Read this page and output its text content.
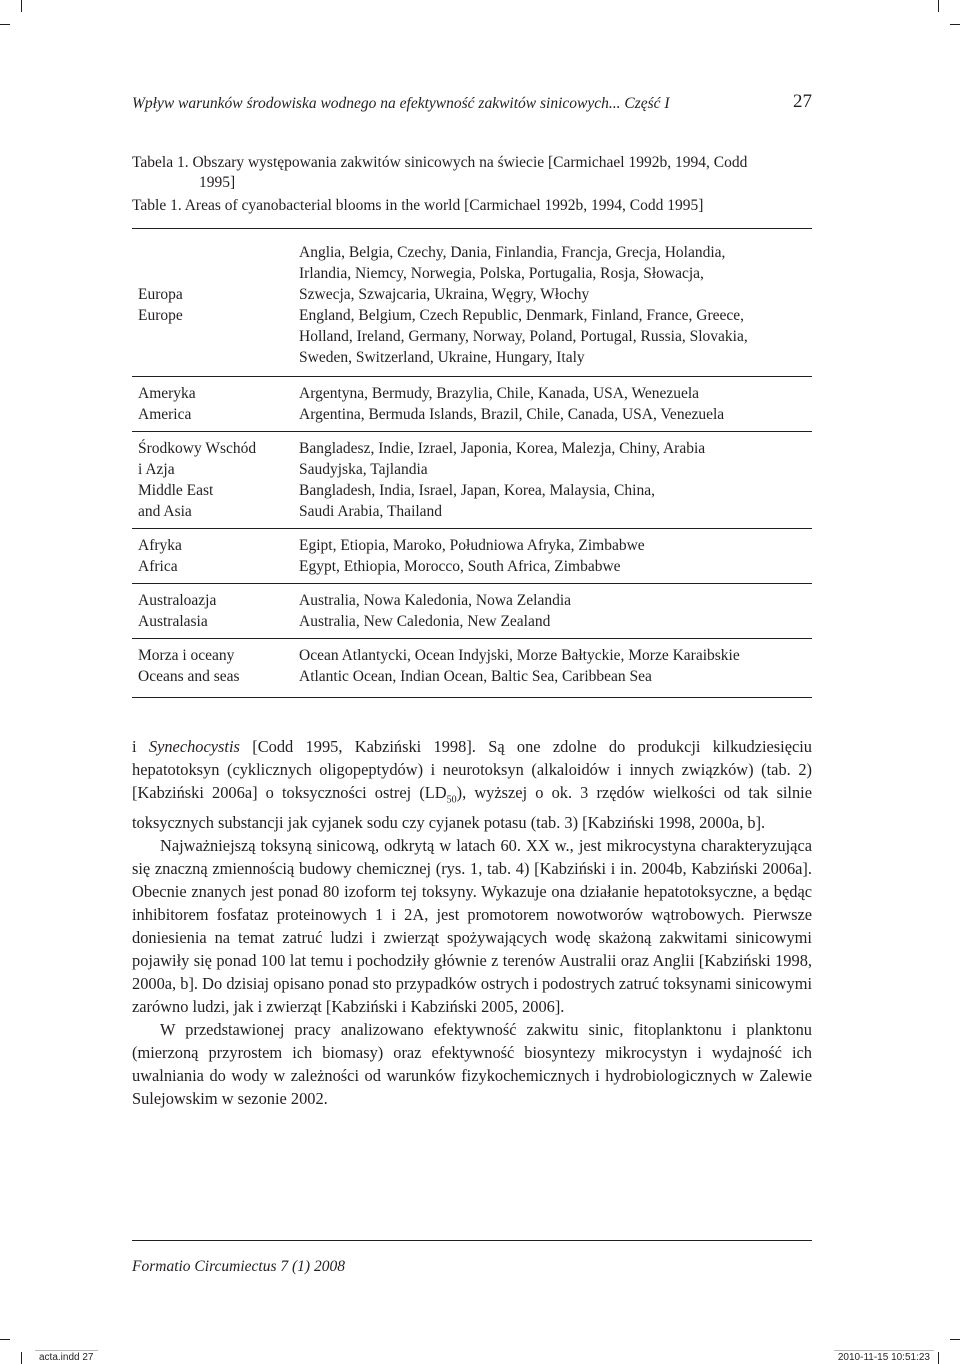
Wpływ warunków środowiska wodnego na efektywność zakwitów sinicowych... Część I	27
Tabela 1. Obszary występowania zakwitów sinicowych na świecie [Carmichael 1992b, 1994, Codd
1995]
Table 1. Areas of cyanobacterial blooms in the world [Carmichael 1992b, 1994, Codd 1995]
Europa
Europe
Anglia, Belgia, Czechy, Dania, Finlandia, Francja, Grecja, Holandia,
Irlandia, Niemcy, Norwegia, Polska, Portugalia, Rosja, Słowacja,
Szwecja, Szwajcaria, Ukraina, Węgry, Włochy
England, Belgium, Czech Republic, Denmark, Finland, France, Greece,
Holland, Ireland, Germany, Norway, Poland, Portugal, Russia, Slovakia,
Sweden, Switzerland, Ukraine, Hungary, Italy
Ameryka
America
Argentyna, Bermudy, Brazylia, Chile, Kanada, USA, Wenezuela
Argentina, Bermuda Islands, Brazil, Chile, Canada, USA, Venezuela
Środkowy Wschód
i Azja
Middle East
and Asia
Bangladesz, Indie, Izrael, Japonia, Korea, Malezja, Chiny, Arabia
Saudyjska, Tajlandia
Bangladesh, India, Israel, Japan, Korea, Malaysia, China,
Saudi Arabia, Thailand
Afryka
Africa
Egipt, Etiopia, Maroko, Południowa Afryka, Zimbabwe
Egypt, Ethiopia, Morocco, South Africa, Zimbabwe
Australoazja
Australasia
Australia, Nowa Kaledonia, Nowa Zelandia
Australia, New Caledonia, New Zealand
Morza i oceany
Oceans and seas
Ocean Atlantycki, Ocean Indyjski, Morze Bałtyckie, Morze Karaibskie
Atlantic Ocean, Indian Ocean, Baltic Sea, Caribbean Sea

i Synechocystis [Codd 1995, Kabziński 1998]. Są one zdolne do produkcji kilkudziesięciu hepatotoksyn (cyklicznych oligopeptydów) i neurotoksyn (alkaloidów i innych związków) (tab. 2) [Kabziński 2006a] o toksyczności ostrej $(LD_{50})$, wyższej o ok. 3 rzędów wielkości od tak silnie toksycznych substancji jak cyjanek sodu czy cyjanek potasu (tab. 3) [Kabziński 1998, 2000a, b].

Najważniejszą toksyną sinicową, odkrytą w latach 60. XX w., jest mikrocystyna charakteryzująca się znaczną zmiennością budowy chemicznej (rys. 1, tab. 4) [Kabziński i in. 2004b, Kabziński 2006a]. Obecnie znanych jest ponad 80 izoform tej toksyny. Wykazuje ona działanie hepatotoksyczne, a będąc inhibitorem fosfataz proteinowych 1 i 2A, jest promotorem nowotworów wątrobowych. Pierwsze doniesienia na temat zatruć ludzi i zwierząt spożywających wodę skażoną zakwitami sinicowymi pojawiły się ponad 100 lat temu i pochodziły głównie z terenów Australii oraz Anglii [Kabziński 1998, 2000a, b]. Do dzisiaj opisano ponad sto przypadków ostrych i podostrych zatruć toksynami sinicowymi zarówno ludzi, jak i zwierząt [Kabziński i Kabziński 2005, 2006].

W przedstawionej pracy analizowano efektywność zakwitu sinic, fitoplanktonu i planktonu (mierzoną przyrostem ich biomasy) oraz efektywność biosyntezy mikrocystyn i wydajność ich uwalniania do wody w zależności od warunków fizykochemicznych i hydrobiologicznych w Zalewie Sulejowskim w sezonie 2002.

Formatio Circumiectus 7 (1) 2008
acta.indd 27	2010-11-15 10:51:23
